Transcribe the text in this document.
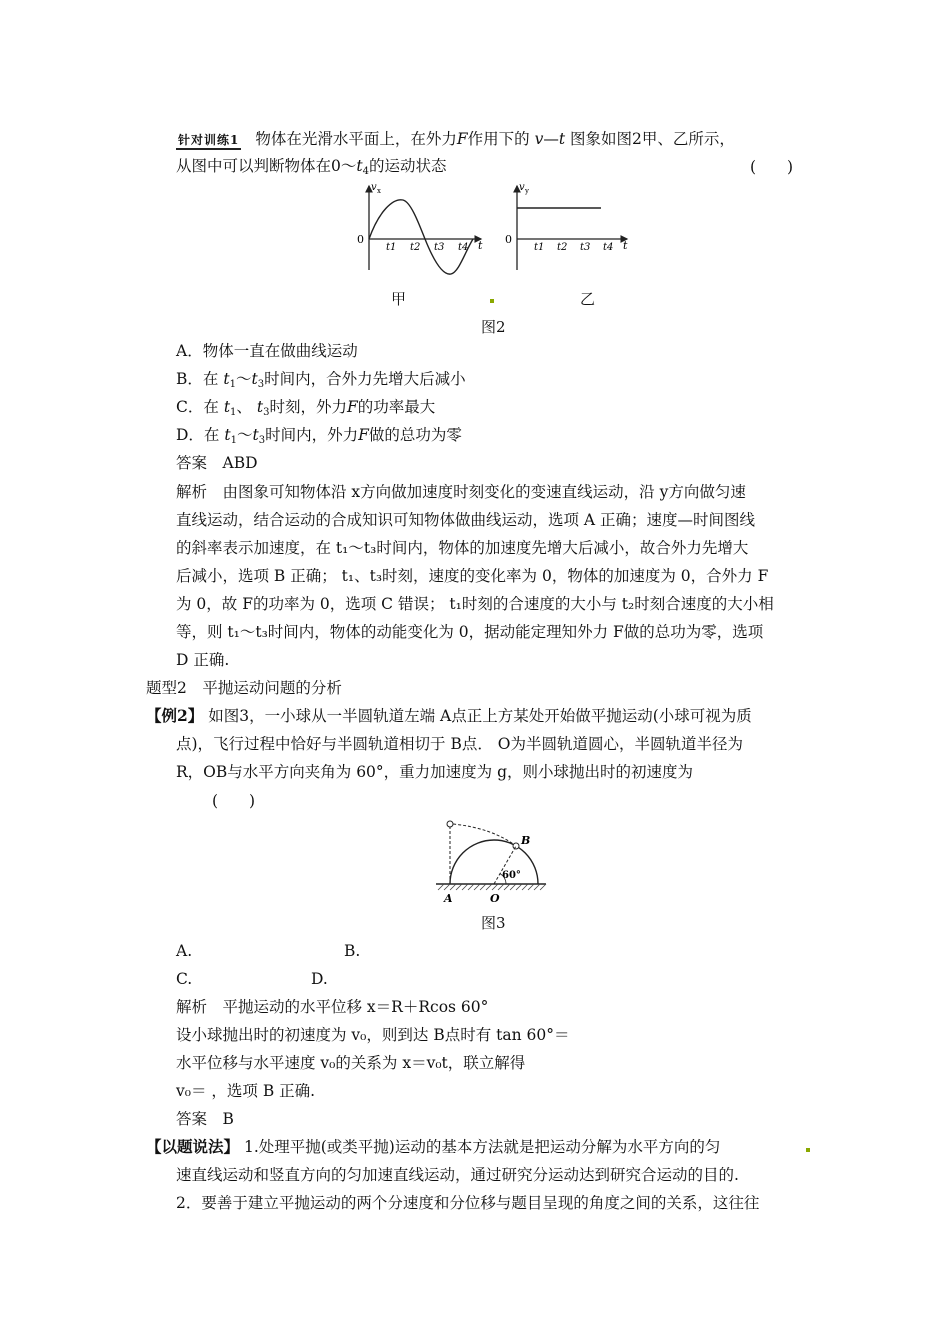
针对训练1 物体在光滑水平面上，在外力F作用下的 v—t 图象如图2甲、乙所示，
从图中可以判断物体在$0\sim t_4$的运动状态	(　　)
v x
0
t1 t2 t3 t4 t
v y
0
t1 t2 t3 t4 t
甲	乙
图2
A．物体一直在做曲线运动
B．在 $t_1\sim t_3$时间内，合外力先增大后减小
C．在 $t_1$、 $t_3$时刻，外力F的功率最大
D．在 $t_1\sim t_3$时间内，外力F做的总功为零
答案　ABD
解析　由图象可知物体沿 x方向做加速度时刻变化的变速直线运动，沿 y方向做匀速
直线运动，结合运动的合成知识可知物体做曲线运动，选项 A 正确；速度—时间图线
的斜率表示加速度，在 t₁～t₃时间内，物体的加速度先增大后减小，故合外力先增大
后减小，选项 B 正确； t₁、t₃时刻，速度的变化率为 0，物体的加速度为 0，合外力 F
为 0，故 F的功率为 0，选项 C 错误； t₁时刻的合速度的大小与 t₂时刻合速度的大小相
等，则 t₁～t₃时间内，物体的动能变化为 0，据动能定理知外力 F做的总功为零，选项
D 正确.
题型2　平抛运动问题的分析
【例2】 如图3，一小球从一半圆轨道左端 A点正上方某处开始做平抛运动(小球可视为质
点)，飞行过程中恰好与半圆轨道相切于 B点． O为半圆轨道圆心，半圆轨道半径为
R，OB与水平方向夹角为 60°，重力加速度为 g，则小球抛出时的初速度为
(　　)
B
A	O
60°
图3
A.	B.
C.	D.
解析　平抛运动的水平位移 x＝R＋Rcos 60°
设小球抛出时的初速度为 v₀，则到达 B点时有 tan 60°＝
水平位移与水平速度 v₀的关系为 x＝v₀t，联立解得
v₀＝ ，选项 B 正确.
答案　B
【以题说法】 1.处理平抛(或类平抛)运动的基本方法就是把运动分解为水平方向的匀
速直线运动和竖直方向的匀加速直线运动，通过研究分运动达到研究合运动的目的.
2．要善于建立平抛运动的两个分速度和分位移与题目呈现的角度之间的关系，这往往
